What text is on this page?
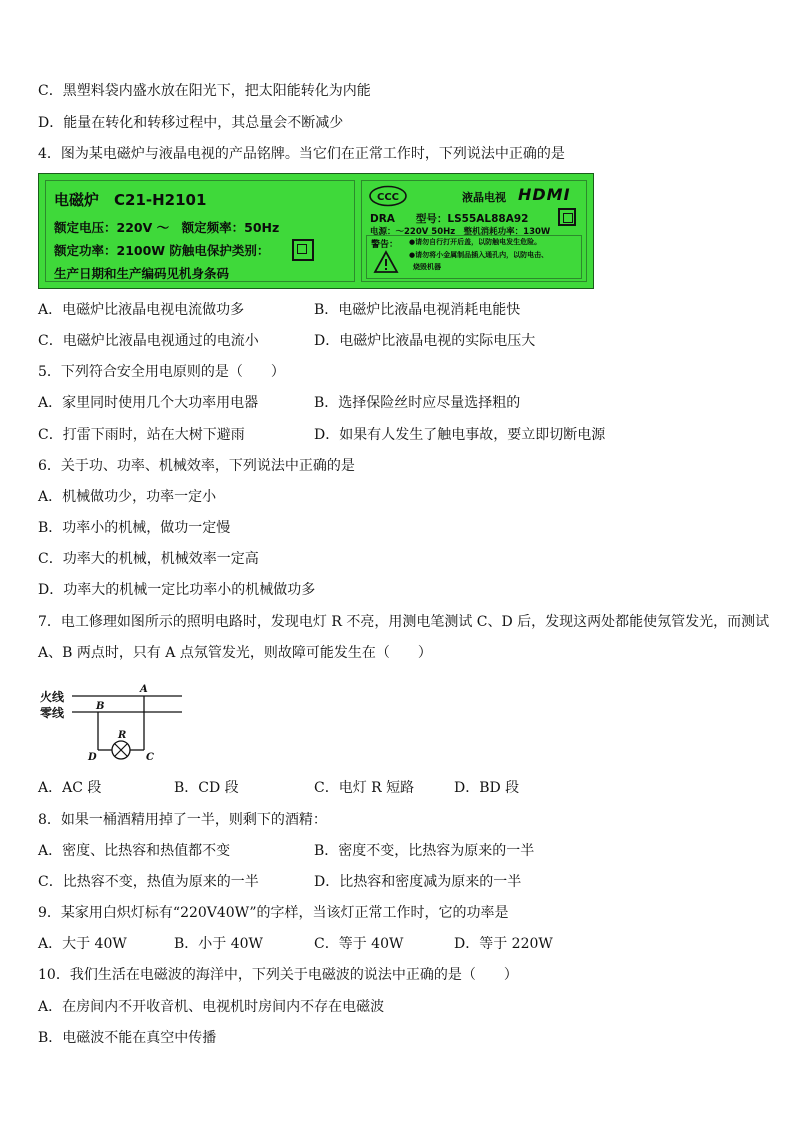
C．黑塑料袋内盛水放在阳光下，把太阳能转化为内能
D．能量在转化和转移过程中，其总量会不断减少
4．图为某电磁炉与液晶电视的产品铭牌。当它们在正常工作时，下列说法中正确的是
电磁炉　C21-H2101
额定电压：220V ～　额定频率：50Hz
额定功率：2100W 防触电保护类别：
生产日期和生产编码见机身条码
CCC	液晶电视 HDMI
DRA　　型号：LS55AL88A92
电源：～220V 50Hz　整机消耗功率：130W
警告： ●请勿自行打开后盖，以防触电发生危险。
●请勿将小金属制品插入通孔内，以防电击、
烧毁机器
A．电磁炉比液晶电视电流做功多	B．电磁炉比液晶电视消耗电能快
C．电磁炉比液晶电视通过的电流小	D．电磁炉比液晶电视的实际电压大
5．下列符合安全用电原则的是（　　）
A．家里同时使用几个大功率用电器	B．选择保险丝时应尽量选择粗的
C．打雷下雨时，站在大树下避雨	D．如果有人发生了触电事故，要立即切断电源
6．关于功、功率、机械效率，下列说法中正确的是
A．机械做功少，功率一定小
B．功率小的机械，做功一定慢
C．功率大的机械，机械效率一定高
D．功率大的机械一定比功率小的机械做功多
7．电工修理如图所示的照明电路时，发现电灯 R 不亮，用测电笔测试 C、D 后，发现这两处都能使氖管发光，而测试
A、B 两点时，只有 A 点氖管发光，则故障可能发生在（　　）
火线
零线
A
B
R
D	C
A．AC 段	B．CD 段	C．电灯 R 短路	D．BD 段
8．如果一桶酒精用掉了一半，则剩下的酒精：
A．密度、比热容和热值都不变	B．密度不变，比热容为原来的一半
C．比热容不变，热值为原来的一半	D．比热容和密度减为原来的一半
9．某家用白炽灯标有“220V40W”的字样，当该灯正常工作时，它的功率是
A．大于 40W	B．小于 40W	C．等于 40W	D．等于 220W
10．我们生活在电磁波的海洋中，下列关于电磁波的说法中正确的是（　　）
A．在房间内不开收音机、电视机时房间内不存在电磁波
B．电磁波不能在真空中传播
